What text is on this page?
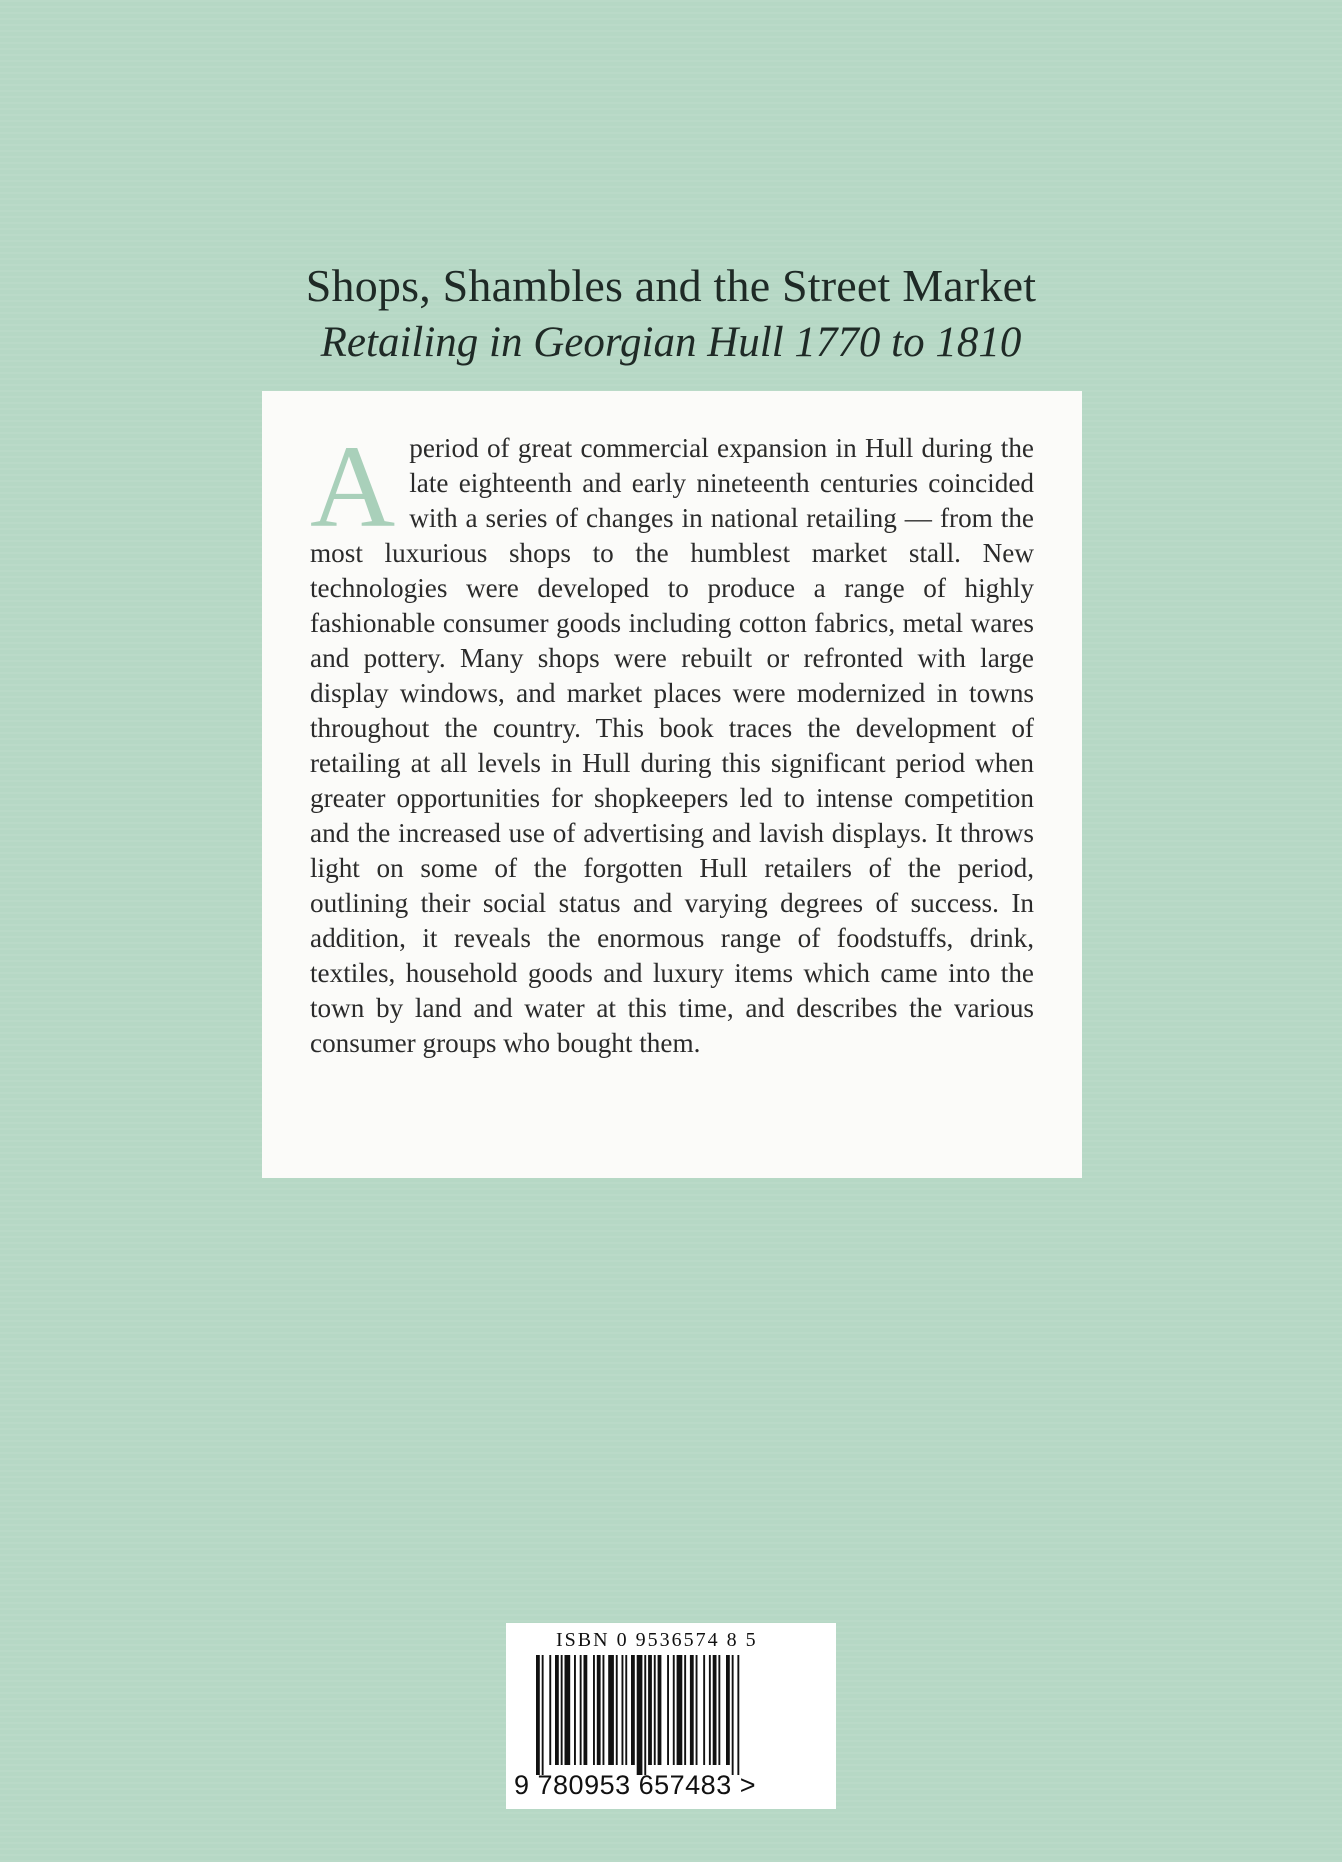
Shops, Shambles and the Street Market
Retailing in Georgian Hull 1770 to 1810

A period of great commercial expansion in Hull during the late eighteenth and early nineteenth centuries coincided with a series of changes in national retailing — from the most luxurious shops to the humblest market stall. New technologies were developed to produce a range of highly fashionable consumer goods including cotton fabrics, metal wares and pottery. Many shops were rebuilt or refronted with large display windows, and market places were modernized in towns throughout the country. This book traces the development of retailing at all levels in Hull during this significant period when greater opportunities for shopkeepers led to intense competition and the increased use of advertising and lavish displays. It throws light on some of the forgotten Hull retailers of the period, outlining their social status and varying degrees of success. In addition, it reveals the enormous range of foodstuffs, drink, textiles, household goods and luxury items which came into the town by land and water at this time, and describes the various consumer groups who bought them.

ISBN 0 9536574 8 5
9 780953 657483 >
